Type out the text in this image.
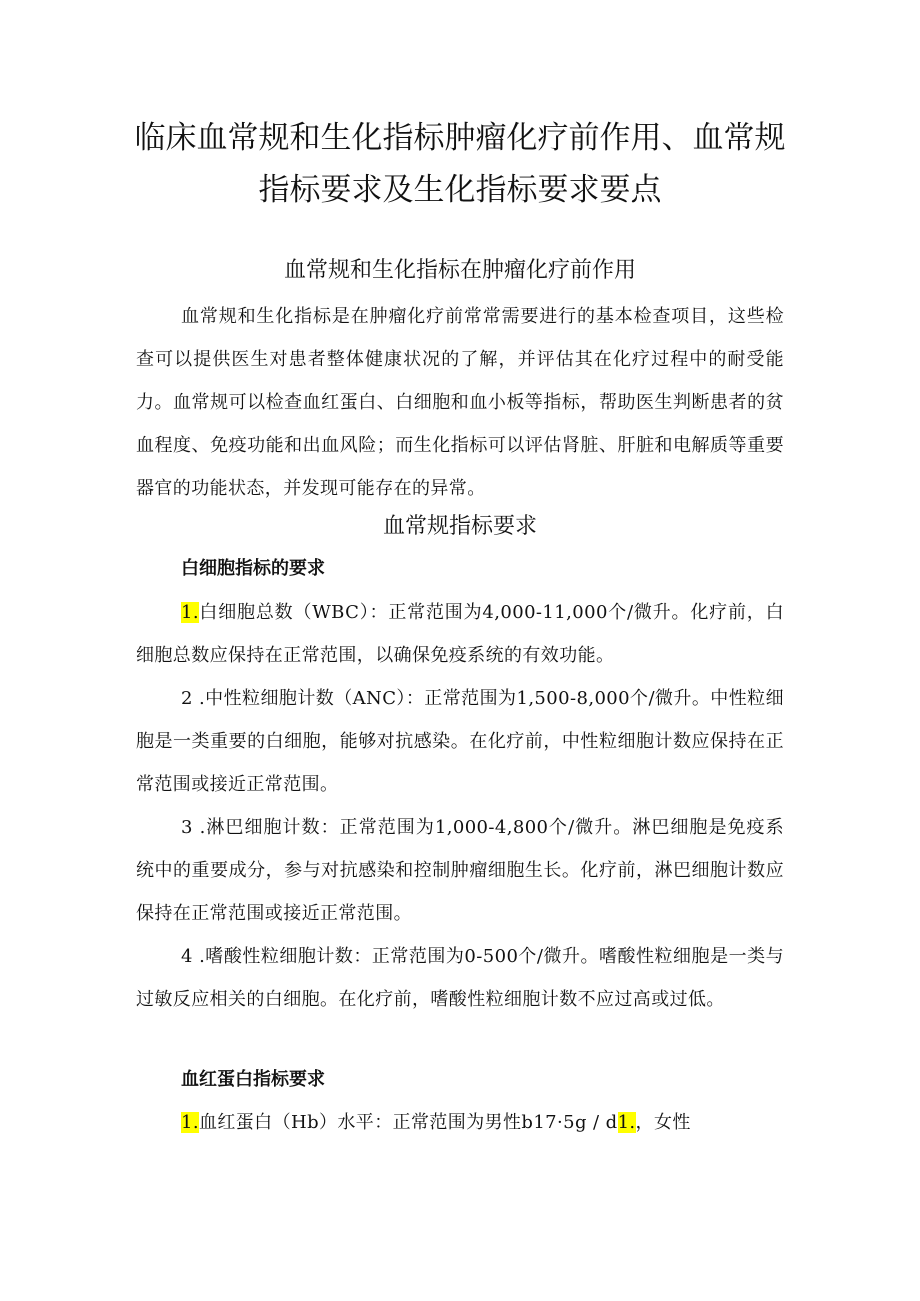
临床血常规和生化指标肿瘤化疗前作用、血常规指标要求及生化指标要求要点
血常规和生化指标在肿瘤化疗前作用

血常规和生化指标是在肿瘤化疗前常常需要进行的基本检查项目，这些检查可以提供医生对患者整体健康状况的了解，并评估其在化疗过程中的耐受能力。血常规可以检查血红蛋白、白细胞和血小板等指标，帮助医生判断患者的贫血程度、免疫功能和出血风险；而生化指标可以评估肾脏、肝脏和电解质等重要器官的功能状态，并发现可能存在的异常。

血常规指标要求
白细胞指标的要求

1.白细胞总数（WBC）：正常范围为4,000-11,000个/微升。化疗前，白细胞总数应保持在正常范围，以确保免疫系统的有效功能。

2 .中性粒细胞计数（ANC）：正常范围为1,500-8,000个/微升。中性粒细胞是一类重要的白细胞，能够对抗感染。在化疗前，中性粒细胞计数应保持在正常范围或接近正常范围。

3 .淋巴细胞计数：正常范围为1,000-4,800个/微升。淋巴细胞是免疫系统中的重要成分，参与对抗感染和控制肿瘤细胞生长。化疗前，淋巴细胞计数应保持在正常范围或接近正常范围。

4 .嗜酸性粒细胞计数：正常范围为0-500个/微升。嗜酸性粒细胞是一类与过敏反应相关的白细胞。在化疗前，嗜酸性粒细胞计数不应过高或过低。

血红蛋白指标要求

1.血红蛋白（Hb）水平：正常范围为男性b17·5g / d1.，女性
